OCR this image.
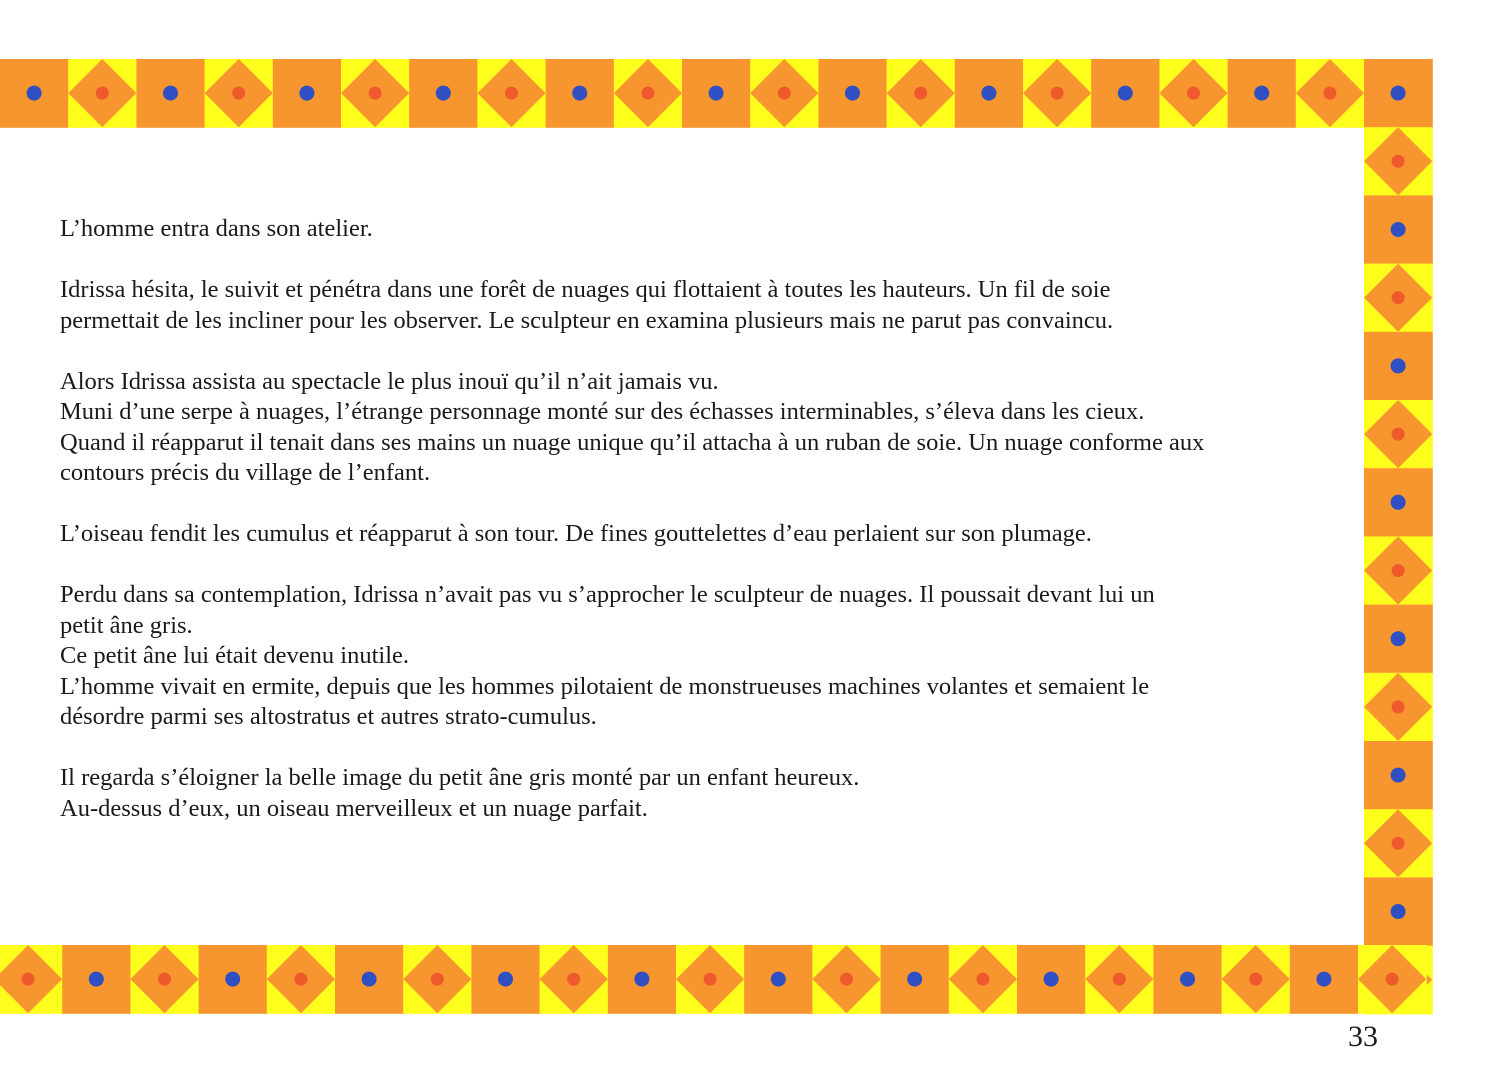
L’homme entra dans son atelier.

Idrissa hésita, le suivit et pénétra dans une forêt de nuages qui flottaient à toutes les hauteurs. Un fil de soie
permettait de les incliner pour les observer. Le sculpteur en examina plusieurs mais ne parut pas convaincu.

Alors Idrissa assista au spectacle le plus inouï qu’il n’ait jamais vu.
Muni d’une serpe à nuages, l’étrange personnage monté sur des échasses interminables, s’éleva dans les cieux.
Quand il réapparut il tenait dans ses mains un nuage unique qu’il attacha à un ruban de soie. Un nuage conforme aux
contours précis du village de l’enfant.

L’oiseau fendit les cumulus et réapparut à son tour. De fines gouttelettes d’eau perlaient sur son plumage.

Perdu dans sa contemplation, Idrissa n’avait pas vu s’approcher le sculpteur de nuages. Il poussait devant lui un
petit âne gris.
Ce petit âne lui était devenu inutile.
L’homme vivait en ermite, depuis que les hommes pilotaient de monstrueuses machines volantes et semaient le
désordre parmi ses altostratus et autres strato-cumulus.

Il regarda s’éloigner la belle image du petit âne gris monté par un enfant heureux.
Au-dessus d’eux, un oiseau merveilleux et un nuage parfait.

33
